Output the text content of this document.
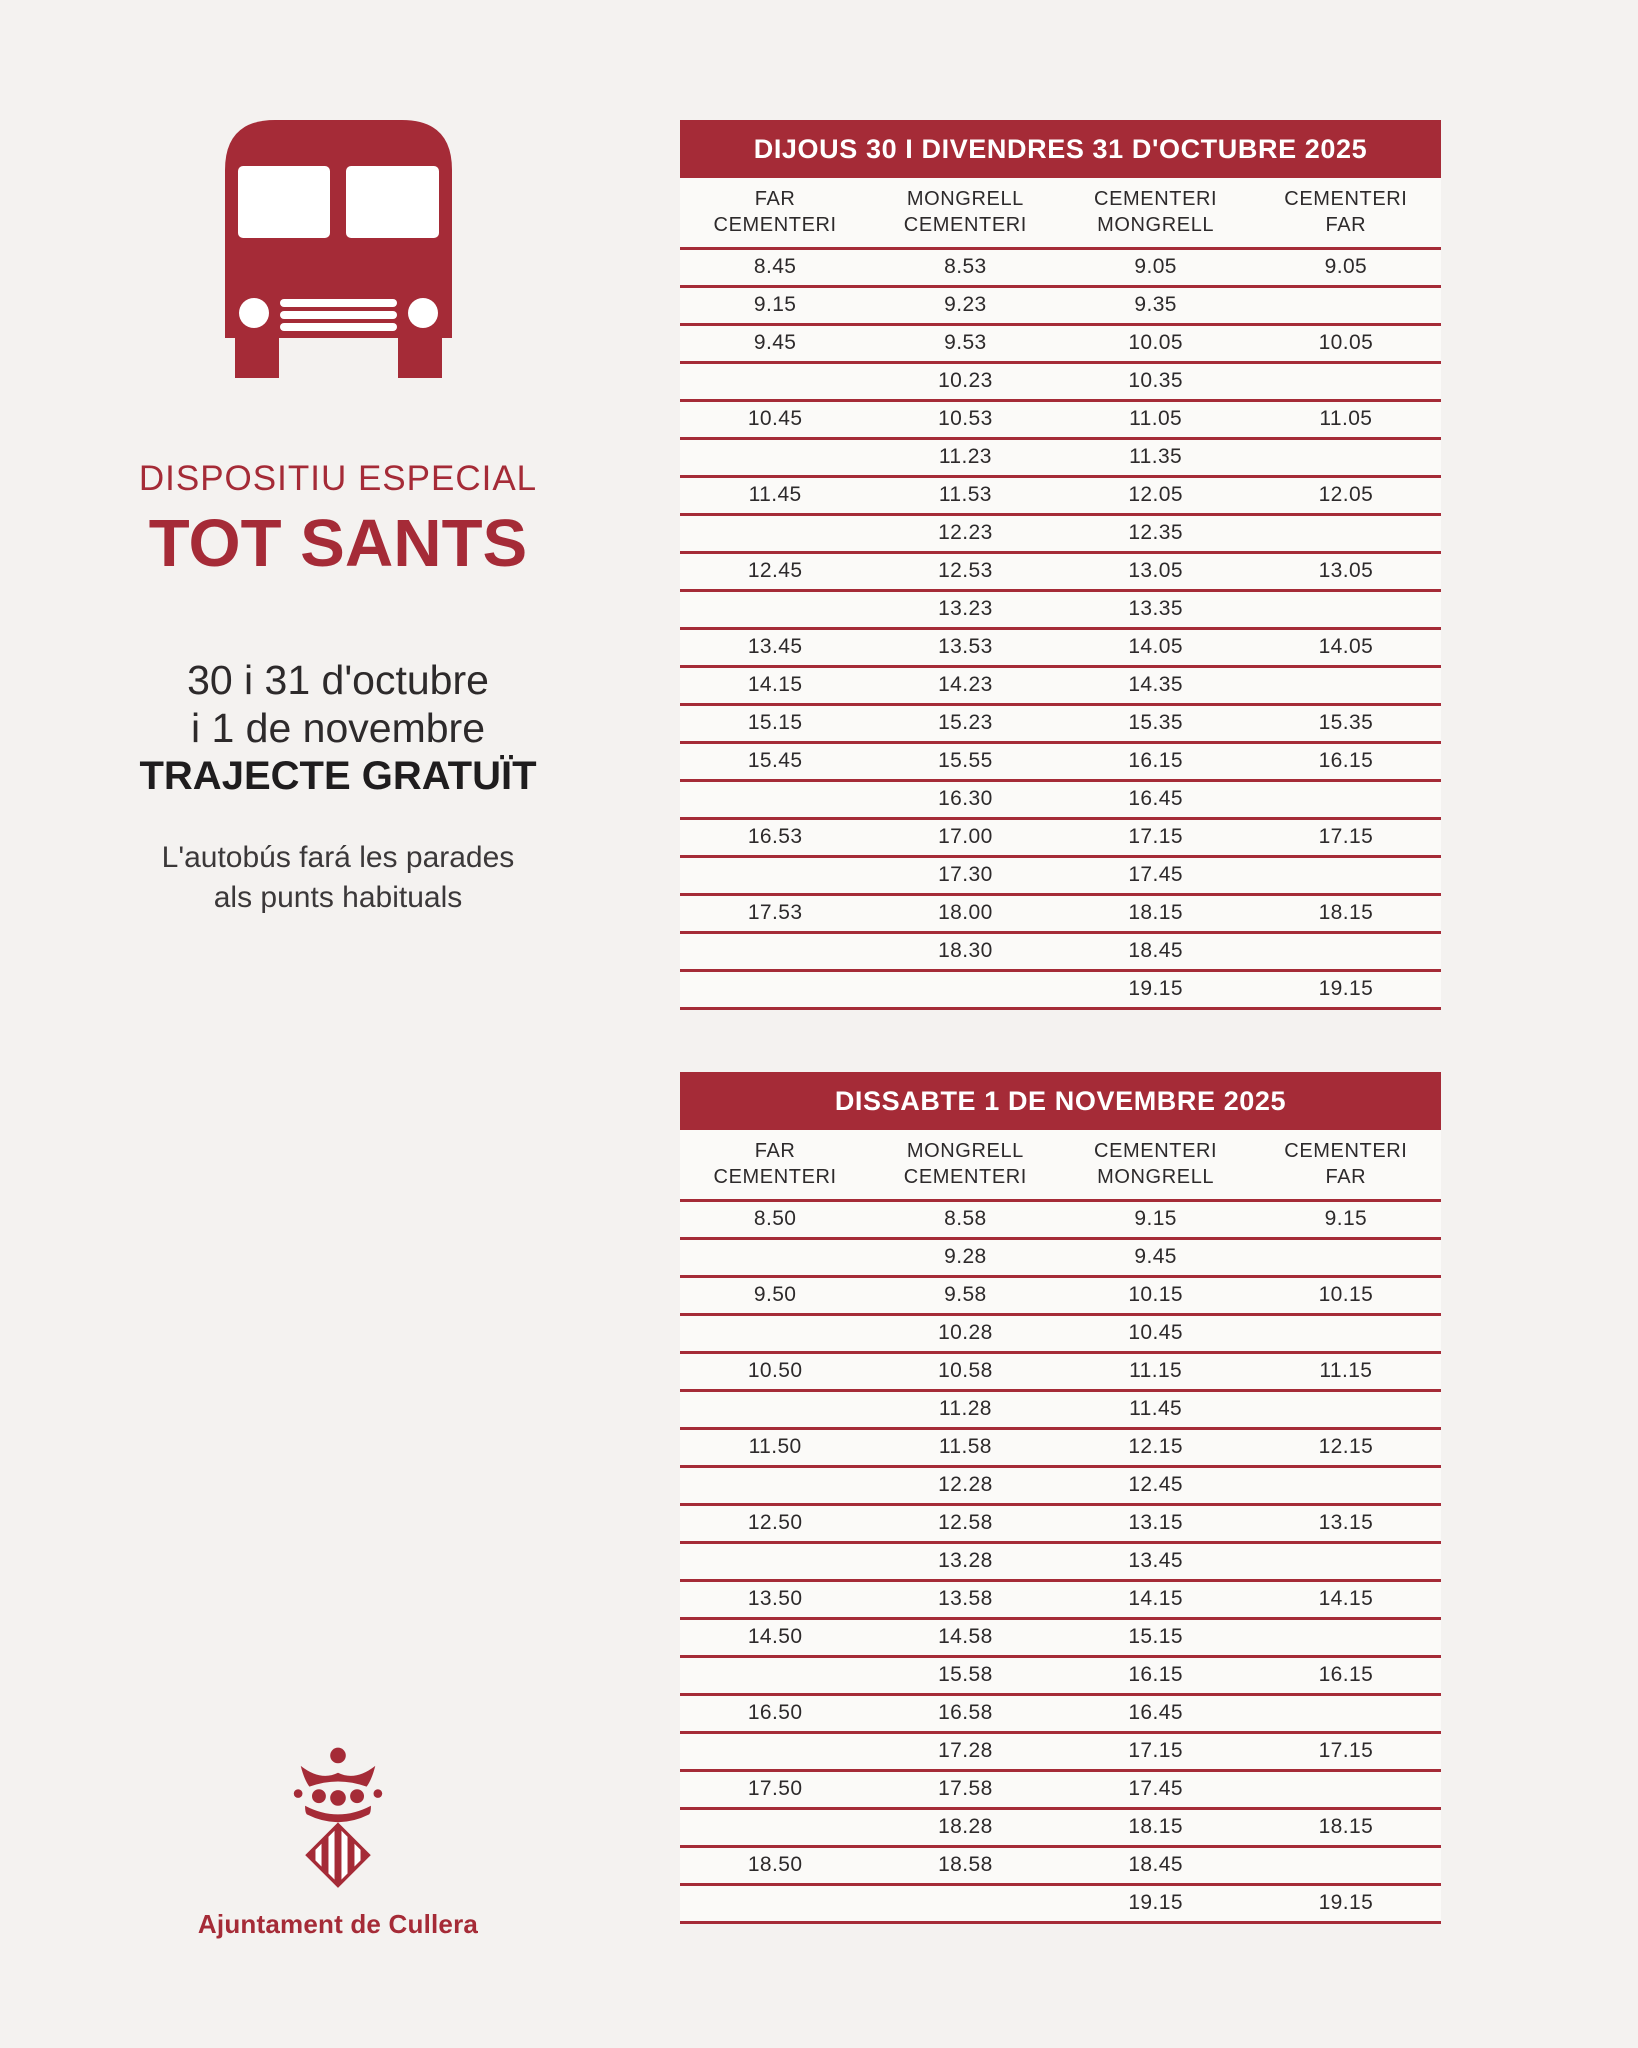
DISPOSITIU ESPECIAL
TOT SANTS
30 i 31 d'octubre
i 1 de novembre
TRAJECTE GRATUÏT
L'autobús fará les parades
als punts habituals
Ajuntament de Cullera
DIJOUS 30 I DIVENDRES 31 D'OCTUBRE 2025
FAR
CEMENTERI

MONGRELL
CEMENTERI

CEMENTERI
MONGRELL

CEMENTERI
FAR

8.45	8.53	9.05	9.05
9.15	9.23	9.35	
9.45	9.53	10.05	10.05
	10.23	10.35	
10.45	10.53	11.05	11.05
	11.23	11.35	
11.45	11.53	12.05	12.05
	12.23	12.35	
12.45	12.53	13.05	13.05
	13.23	13.35	
13.45	13.53	14.05	14.05
14.15	14.23	14.35	
15.15	15.23	15.35	15.35
15.45	15.55	16.15	16.15
	16.30	16.45	
16.53	17.00	17.15	17.15
	17.30	17.45	
17.53	18.00	18.15	18.15
	18.30	18.45	
		19.15	19.15
DISSABTE 1 DE NOVEMBRE 2025
FAR
CEMENTERI

MONGRELL
CEMENTERI

CEMENTERI
MONGRELL

CEMENTERI
FAR

8.50	8.58	9.15	9.15
	9.28	9.45	
9.50	9.58	10.15	10.15
	10.28	10.45	
10.50	10.58	11.15	11.15
	11.28	11.45	
11.50	11.58	12.15	12.15
	12.28	12.45	
12.50	12.58	13.15	13.15
	13.28	13.45	
13.50	13.58	14.15	14.15
14.50	14.58	15.15	
	15.58	16.15	16.15
16.50	16.58	16.45	
	17.28	17.15	17.15
17.50	17.58	17.45	
	18.28	18.15	18.15
18.50	18.58	18.45	
		19.15	19.15
